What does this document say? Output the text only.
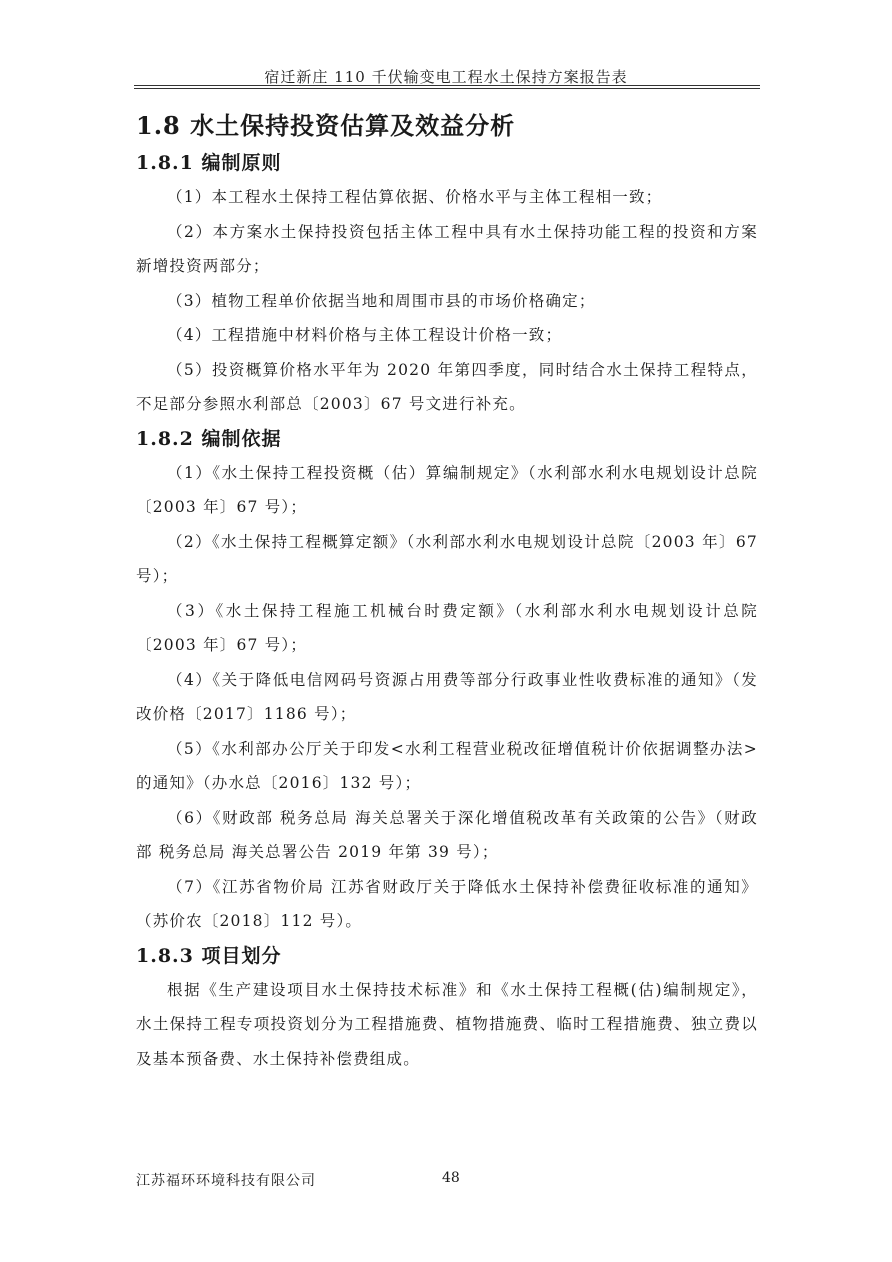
宿迁新庄 110 千伏输变电工程水土保持方案报告表
1.8 水土保持投资估算及效益分析
1.8.1 编制原则

（1）本工程水土保持工程估算依据、价格水平与主体工程相一致；

（2）本方案水土保持投资包括主体工程中具有水土保持功能工程的投资和方案新增投资两部分；

（3）植物工程单价依据当地和周围市县的市场价格确定；

（4）工程措施中材料价格与主体工程设计价格一致；

（5）投资概算价格水平年为 2020 年第四季度，同时结合水土保持工程特点，不足部分参照水利部总〔2003〕67 号文进行补充。

1.8.2 编制依据

（1）《水土保持工程投资概（估）算编制规定》（水利部水利水电规划设计总院〔2003 年〕67 号）；

（2）《水土保持工程概算定额》（水利部水利水电规划设计总院〔2003 年〕67 号）；

（3）《水土保持工程施工机械台时费定额》（水利部水利水电规划设计总院〔2003 年〕67 号）；

（4）《关于降低电信网码号资源占用费等部分行政事业性收费标准的通知》（发改价格〔2017〕1186 号）；

（5）《水利部办公厅关于印发<水利工程营业税改征增值税计价依据调整办法>的通知》（办水总〔2016〕132 号）；

（6）《财政部 税务总局 海关总署关于深化增值税改革有关政策的公告》（财政部 税务总局 海关总署公告 2019 年第 39 号）；

（7）《江苏省物价局 江苏省财政厅关于降低水土保持补偿费征收标准的通知》（苏价农〔2018〕112 号）。

1.8.3 项目划分

根据《生产建设项目水土保持技术标准》和《水土保持工程概(估)编制规定》，水土保持工程专项投资划分为工程措施费、植物措施费、临时工程措施费、独立费以及基本预备费、水土保持补偿费组成。

江苏福环环境科技有限公司	48
